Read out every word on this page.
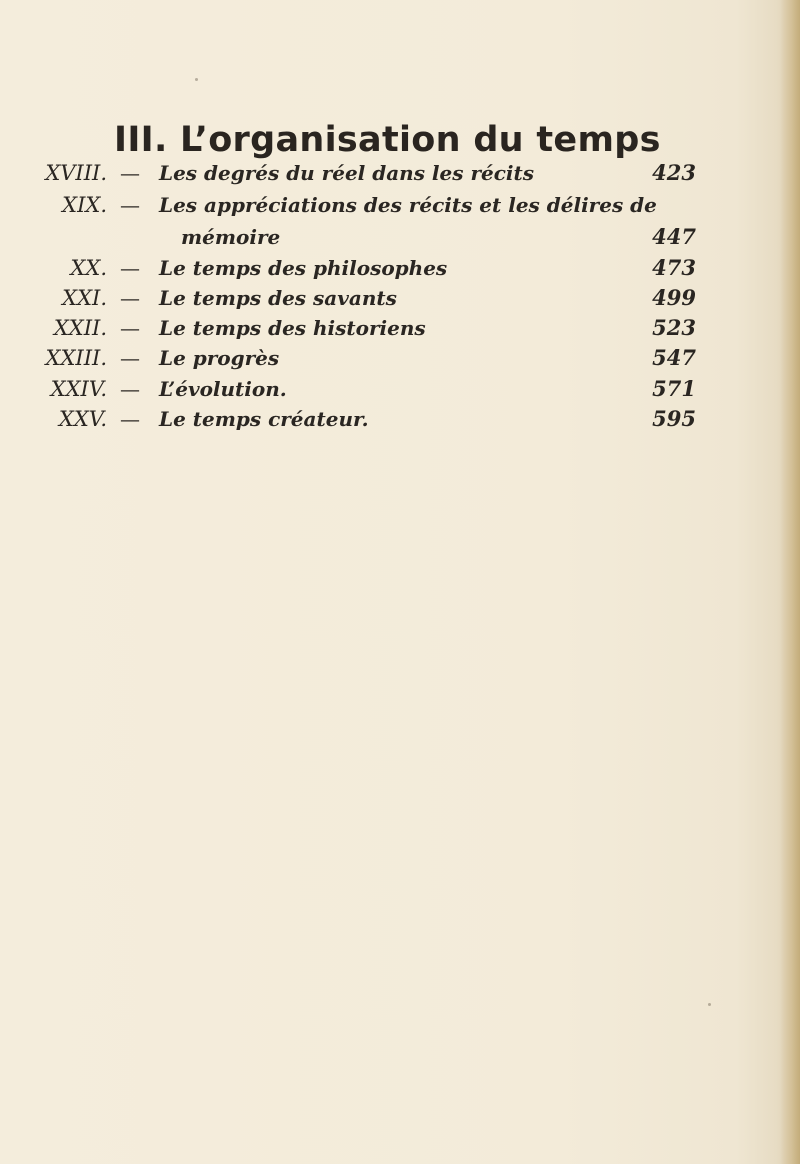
III. L’organisation du temps
XVIII. — Les degrés du réel dans les récits	423
XIX. — Les appréciations des récits et les délires de
mémoire	447
XX. — Le temps des philosophes	473
XXI. — Le temps des savants	499
XXII. — Le temps des historiens	523
XXIII. — Le progrès	547
XXIV. — L’évolution.	571
XXV. — Le temps créateur.	595
